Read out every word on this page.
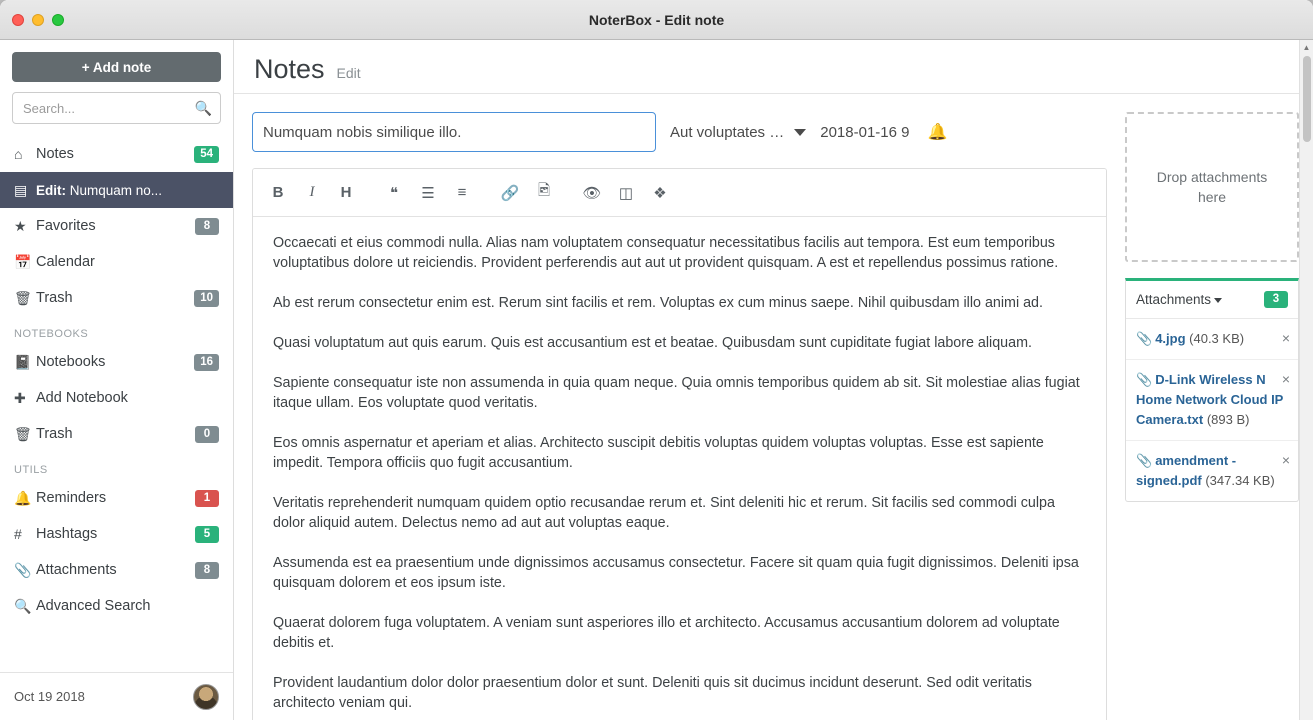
NoterBox - Edit note
+ Add note
Search...
🔍
⌂ Notes	54
▤ Edit: Numquam no...
★ Favorites	8
📅 Calendar
🗑 Trash	10
NOTEBOOKS
📓 Notebooks	16
✚ Add Notebook
🗑 Trash	0
UTILS
🔔 Reminders	1
# Hashtags	5
📎 Attachments	8
🔍 Advanced Search
Oct 19 2018
Notes Edit
Numquam nobis similique illo.
Aut voluptates … 2018-01-16 9 🔔
B	I	H	❝	☰	≡	🔗	🖻	👁	◫	❖

Occaecati et eius commodi nulla. Alias nam voluptatem consequatur necessitatibus facilis aut tempora. Est eum temporibus voluptatibus dolore ut reiciendis. Provident perferendis aut aut ut provident quisquam. A est et repellendus possimus ratione.

Ab est rerum consectetur enim est. Rerum sint facilis et rem. Voluptas ex cum minus saepe. Nihil quibusdam illo animi ad.

Quasi voluptatum aut quis earum. Quis est accusantium est et beatae. Quibusdam sunt cupiditate fugiat labore aliquam.

Sapiente consequatur iste non assumenda in quia quam neque. Quia omnis temporibus quidem ab sit. Sit molestiae alias fugiat itaque ullam. Eos voluptate quod veritatis.

Eos omnis aspernatur et aperiam et alias. Architecto suscipit debitis voluptas quidem voluptas voluptas. Esse est sapiente impedit. Tempora officiis quo fugit accusantium.

Veritatis reprehenderit numquam quidem optio recusandae rerum et. Sint deleniti hic et rerum. Sit facilis sed commodi culpa dolor aliquid autem. Delectus nemo ad aut aut voluptas eaque.

Assumenda est ea praesentium unde dignissimos accusamus consectetur. Facere sit quam quia fugit dignissimos. Deleniti ipsa quisquam dolorem et eos ipsum iste.

Quaerat dolorem fuga voluptatem. A veniam sunt asperiores illo et architecto. Accusamus accusantium dolorem ad voluptate debitis et.

Provident laudantium dolor dolor praesentium dolor et sunt. Deleniti quis sit ducimus incidunt deserunt. Sed odit veritatis architecto veniam qui.

Drop attachments here
Attachments	3
📎 4.jpg (40.3 KB)	×
📎 D-Link Wireless N Home Network Cloud IP Camera.txt (893 B)
×
📎 amendment - signed.pdf (347.34 KB)
×
▲
